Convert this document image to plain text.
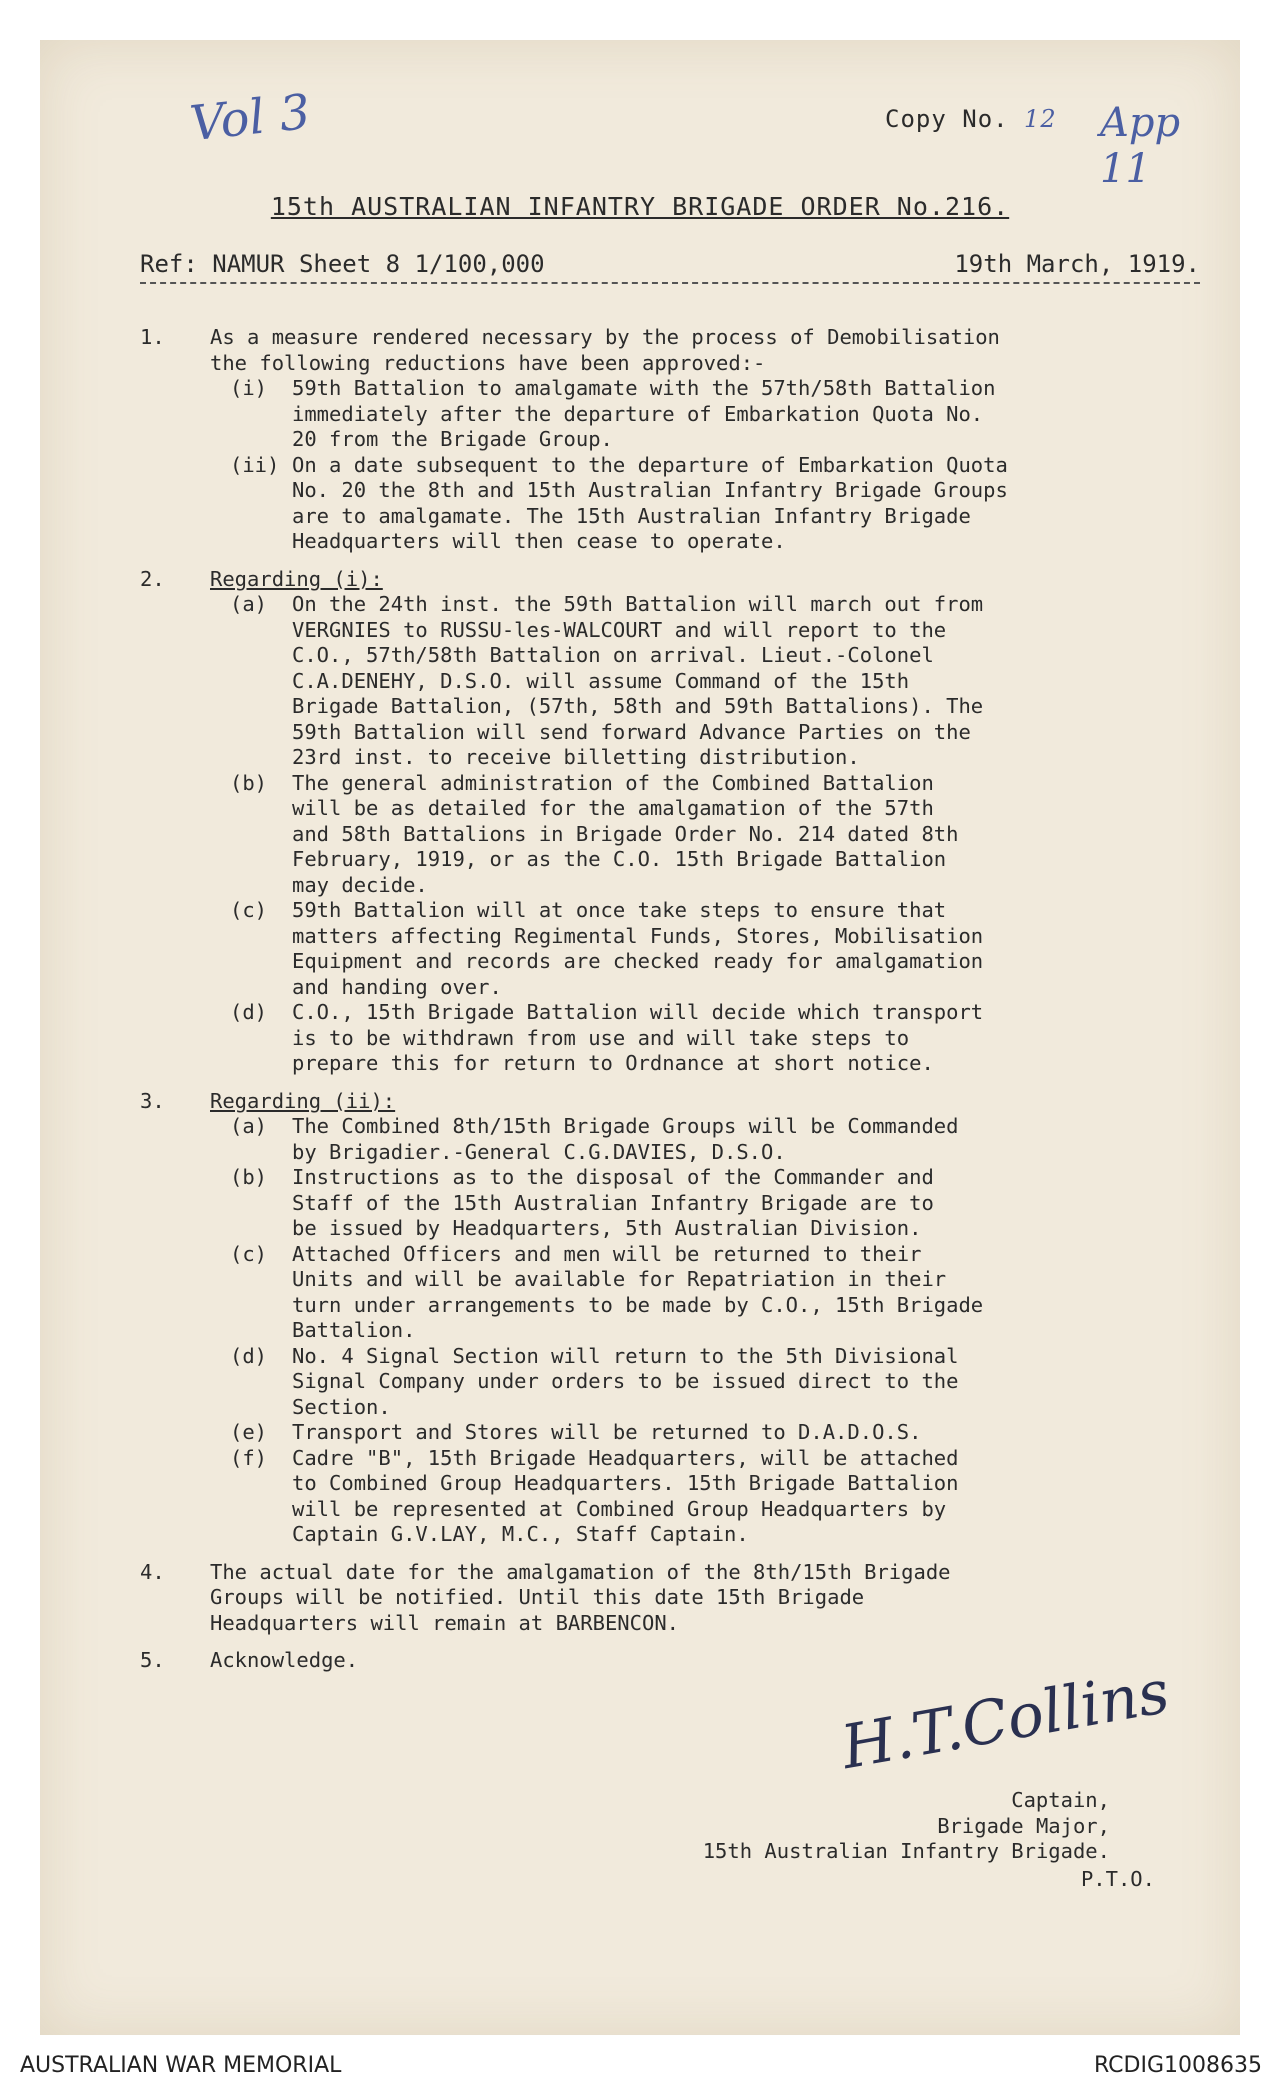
Vol 3	App 11
Copy No. 12
15th AUSTRALIAN INFANTRY BRIGADE ORDER No.216.
Ref: NAMUR Sheet 8 1/100,000	19th March, 1919.
1.	As a measure rendered necessary by the process of Demobilisation
the following reductions have been approved:-
(i)	59th Battalion to amalgamate with the 57th/58th Battalion
immediately after the departure of Embarkation Quota No.
20 from the Brigade Group.
(ii) On a date subsequent to the departure of Embarkation Quota
No. 20 the 8th and 15th Australian Infantry Brigade Groups
are to amalgamate. The 15th Australian Infantry Brigade
Headquarters will then cease to operate.
2.	Regarding (i):
(a)	On the 24th inst. the 59th Battalion will march out from
VERGNIES to RUSSU-les-WALCOURT and will report to the
C.O., 57th/58th Battalion on arrival. Lieut.-Colonel
C.A.DENEHY, D.S.O. will assume Command of the 15th
Brigade Battalion, (57th, 58th and 59th Battalions). The
59th Battalion will send forward Advance Parties on the
23rd inst. to receive billetting distribution.
(b)	The general administration of the Combined Battalion
will be as detailed for the amalgamation of the 57th
and 58th Battalions in Brigade Order No. 214 dated 8th
February, 1919, or as the C.O. 15th Brigade Battalion
may decide.
(c)	59th Battalion will at once take steps to ensure that
matters affecting Regimental Funds, Stores, Mobilisation
Equipment and records are checked ready for amalgamation
and handing over.
(d)	C.O., 15th Brigade Battalion will decide which transport
is to be withdrawn from use and will take steps to
prepare this for return to Ordnance at short notice.
3.	Regarding (ii):
(a)	The Combined 8th/15th Brigade Groups will be Commanded
by Brigadier.-General C.G.DAVIES, D.S.O.
(b)	Instructions as to the disposal of the Commander and
Staff of the 15th Australian Infantry Brigade are to
be issued by Headquarters, 5th Australian Division.
(c)	Attached Officers and men will be returned to their
Units and will be available for Repatriation in their
turn under arrangements to be made by C.O., 15th Brigade
Battalion.
(d)	No. 4 Signal Section will return to the 5th Divisional
Signal Company under orders to be issued direct to the
Section.
(e)	Transport and Stores will be returned to D.A.D.O.S.
(f)	Cadre "B", 15th Brigade Headquarters, will be attached
to Combined Group Headquarters. 15th Brigade Battalion
will be represented at Combined Group Headquarters by
Captain G.V.LAY, M.C., Staff Captain.
4.	The actual date for the amalgamation of the 8th/15th Brigade
Groups will be notified. Until this date 15th Brigade
Headquarters will remain at BARBENCON.
5.	Acknowledge.	H.T.Collins
Captain,
Brigade Major,
15th Australian Infantry Brigade.
P.T.O.
AUSTRALIAN WAR MEMORIAL	RCDIG1008635
